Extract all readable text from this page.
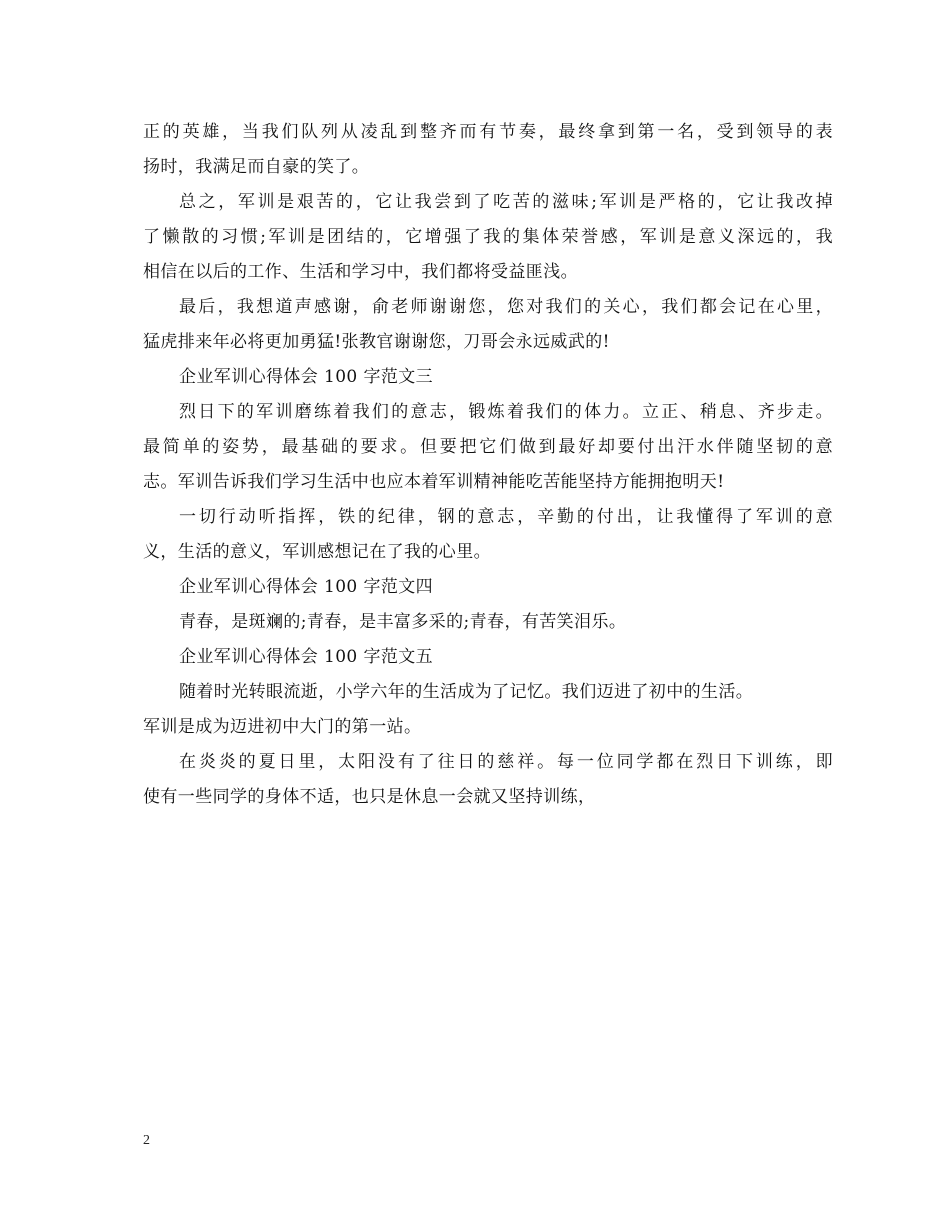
正的英雄，当我们队列从凌乱到整齐而有节奏，最终拿到第一名，受到领导的表
扬时，我满足而自豪的笑了。
总之，军训是艰苦的，它让我尝到了吃苦的滋味;军训是严格的，它让我改掉
了懒散的习惯;军训是团结的，它增强了我的集体荣誉感，军训是意义深远的，我
相信在以后的工作、生活和学习中，我们都将受益匪浅。
最后，我想道声感谢，俞老师谢谢您，您对我们的关心，我们都会记在心里，
猛虎排来年必将更加勇猛!张教官谢谢您，刀哥会永远威武的!
企业军训心得体会 100 字范文三
烈日下的军训磨练着我们的意志，锻炼着我们的体力。立正、稍息、齐步走。
最简单的姿势，最基础的要求。但要把它们做到最好却要付出汗水伴随坚韧的意
志。军训告诉我们学习生活中也应本着军训精神能吃苦能坚持方能拥抱明天!
一切行动听指挥，铁的纪律，钢的意志，辛勤的付出，让我懂得了军训的意
义，生活的意义，军训感想记在了我的心里。
企业军训心得体会 100 字范文四
青春，是斑斓的;青春，是丰富多采的;青春，有苦笑泪乐。
企业军训心得体会 100 字范文五
随着时光转眼流逝，小学六年的生活成为了记忆。我们迈进了初中的生活。
军训是成为迈进初中大门的第一站。
在炎炎的夏日里，太阳没有了往日的慈祥。每一位同学都在烈日下训练，即
使有一些同学的身体不适，也只是休息一会就又坚持训练，
2
